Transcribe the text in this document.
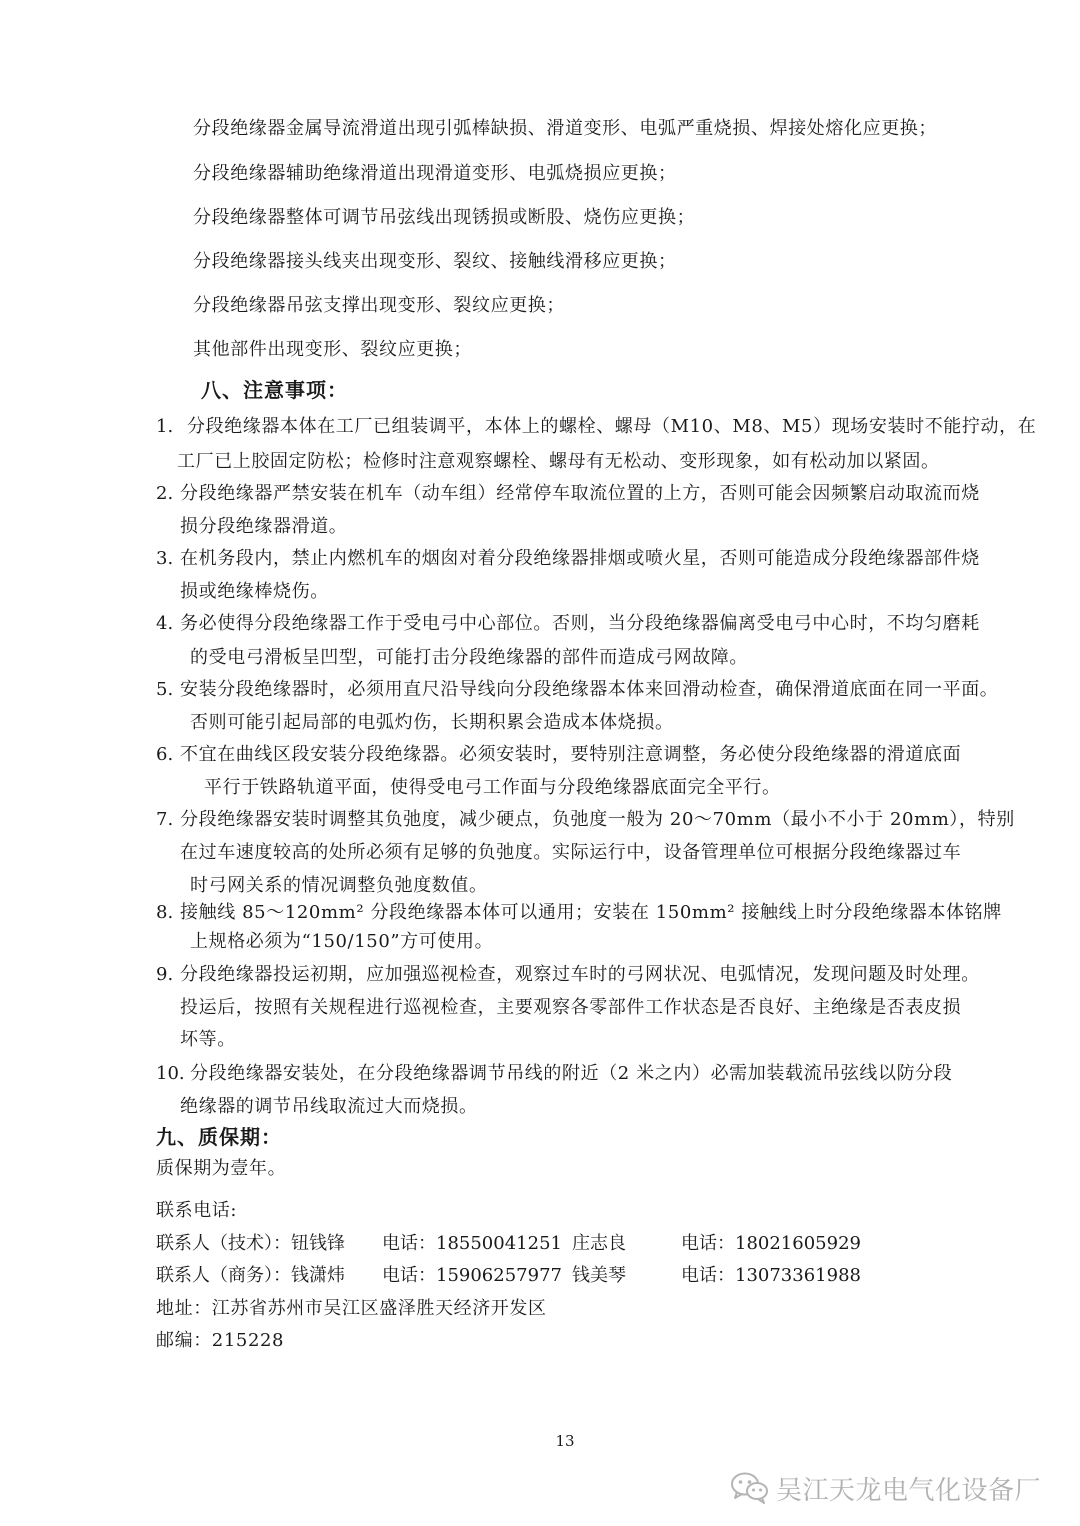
分段绝缘器金属导流滑道出现引弧棒缺损、滑道变形、电弧严重烧损、焊接处熔化应更换；
分段绝缘器辅助绝缘滑道出现滑道变形、电弧烧损应更换；
分段绝缘器整体可调节吊弦线出现锈损或断股、烧伤应更换；
分段绝缘器接头线夹出现变形、裂纹、接触线滑移应更换；
分段绝缘器吊弦支撑出现变形、裂纹应更换；
其他部件出现变形、裂纹应更换；
八、注意事项：
1. 分段绝缘器本体在工厂已组装调平，本体上的螺栓、螺母（M10、M8、M5）现场安装时不能拧动，在
工厂已上胶固定防松；检修时注意观察螺栓、螺母有无松动、变形现象，如有松动加以紧固。
2. 分段绝缘器严禁安装在机车（动车组）经常停车取流位置的上方，否则可能会因频繁启动取流而烧
损分段绝缘器滑道。
3. 在机务段内，禁止内燃机车的烟囱对着分段绝缘器排烟或喷火星，否则可能造成分段绝缘器部件烧
损或绝缘棒烧伤。
4. 务必使得分段绝缘器工作于受电弓中心部位。否则，当分段绝缘器偏离受电弓中心时，不均匀磨耗
的受电弓滑板呈凹型，可能打击分段绝缘器的部件而造成弓网故障。
5. 安装分段绝缘器时，必须用直尺沿导线向分段绝缘器本体来回滑动检查，确保滑道底面在同一平面。
否则可能引起局部的电弧灼伤，长期积累会造成本体烧损。
6. 不宜在曲线区段安装分段绝缘器。必须安装时，要特别注意调整，务必使分段绝缘器的滑道底面
平行于铁路轨道平面，使得受电弓工作面与分段绝缘器底面完全平行。
7. 分段绝缘器安装时调整其负弛度，减少硬点，负弛度一般为 20～70mm（最小不小于 20mm），特别
在过车速度较高的处所必须有足够的负弛度。实际运行中，设备管理单位可根据分段绝缘器过车
时弓网关系的情况调整负弛度数值。
8. 接触线 85～120mm² 分段绝缘器本体可以通用；安装在 150mm² 接触线上时分段绝缘器本体铭牌
上规格必须为“150/150”方可使用。
9. 分段绝缘器投运初期，应加强巡视检查，观察过车时的弓网状况、电弧情况，发现问题及时处理。
投运后，按照有关规程进行巡视检查，主要观察各零部件工作状态是否良好、主绝缘是否表皮损
坏等。
10. 分段绝缘器安装处，在分段绝缘器调节吊线的附近（2 米之内）必需加装载流吊弦线以防分段
绝缘器的调节吊线取流过大而烧损。
九、质保期：
质保期为壹年。
联系电话:
联系人（技术）：钮钱锋 电话：18550041251 庄志良	电话：18021605929
联系人（商务）：钱潇炜 电话：15906257977 钱美琴	电话：13073361988
地址：江苏省苏州市吴江区盛泽胜天经济开发区
邮编：215228
13
吴江天龙电气化设备厂
